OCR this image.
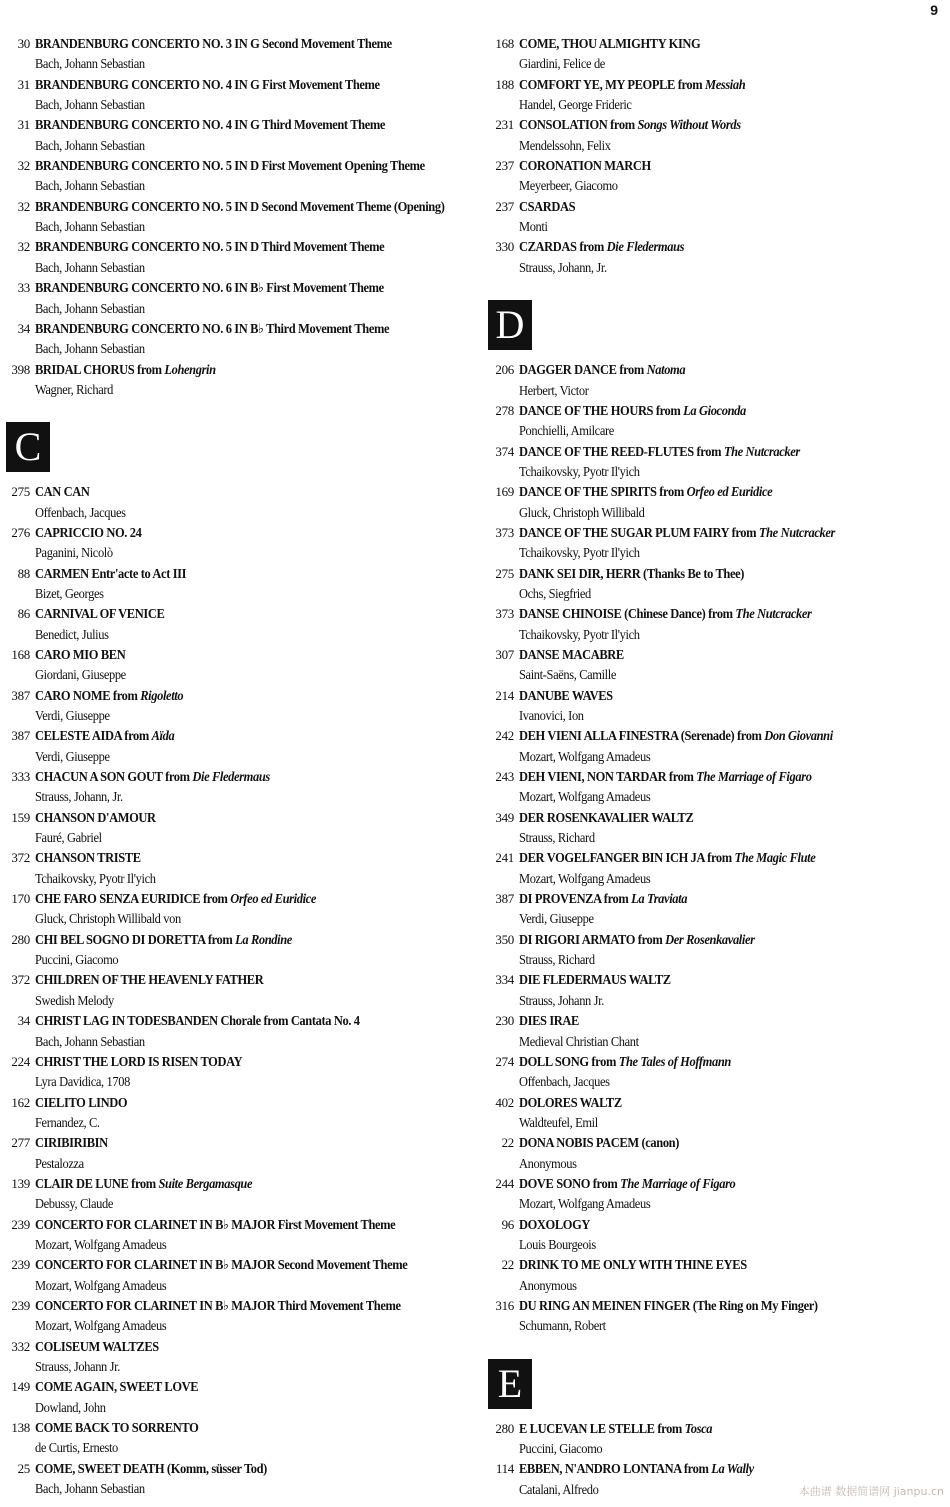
9
30 BRANDENBURG CONCERTO NO. 3 IN G Second Movement Theme
Bach, Johann Sebastian
31 BRANDENBURG CONCERTO NO. 4 IN G First Movement Theme
Bach, Johann Sebastian
31 BRANDENBURG CONCERTO NO. 4 IN G Third Movement Theme
Bach, Johann Sebastian
32 BRANDENBURG CONCERTO NO. 5 IN D First Movement Opening Theme
Bach, Johann Sebastian
32 BRANDENBURG CONCERTO NO. 5 IN D Second Movement Theme (Opening)
Bach, Johann Sebastian
32 BRANDENBURG CONCERTO NO. 5 IN D Third Movement Theme
Bach, Johann Sebastian
33 BRANDENBURG CONCERTO NO. 6 IN B♭ First Movement Theme
Bach, Johann Sebastian
34 BRANDENBURG CONCERTO NO. 6 IN B♭ Third Movement Theme
Bach, Johann Sebastian
398 BRIDAL CHORUS from Lohengrin
Wagner, Richard
C
275 CAN CAN
Offenbach, Jacques
276 CAPRICCIO NO. 24
Paganini, Nicolò
88 CARMEN Entr'acte to Act III
Bizet, Georges
86 CARNIVAL OF VENICE
Benedict, Julius
168 CARO MIO BEN
Giordani, Giuseppe
387 CARO NOME from Rigoletto
Verdi, Giuseppe
387 CELESTE AIDA from Aïda
Verdi, Giuseppe
333 CHACUN A SON GOUT from Die Fledermaus
Strauss, Johann, Jr.
159 CHANSON D'AMOUR
Fauré, Gabriel
372 CHANSON TRISTE
Tchaikovsky, Pyotr Il'yich
170 CHE FARO SENZA EURIDICE from Orfeo ed Euridice
Gluck, Christoph Willibald von
280 CHI BEL SOGNO DI DORETTA from La Rondine
Puccini, Giacomo
372 CHILDREN OF THE HEAVENLY FATHER
Swedish Melody
34 CHRIST LAG IN TODESBANDEN Chorale from Cantata No. 4
Bach, Johann Sebastian
224 CHRIST THE LORD IS RISEN TODAY
Lyra Davidica, 1708
162 CIELITO LINDO
Fernandez, C.
277 CIRIBIRIBIN
Pestalozza
139 CLAIR DE LUNE from Suite Bergamasque
Debussy, Claude
239 CONCERTO FOR CLARINET IN B♭ MAJOR First Movement Theme
Mozart, Wolfgang Amadeus
239 CONCERTO FOR CLARINET IN B♭ MAJOR Second Movement Theme
Mozart, Wolfgang Amadeus
239 CONCERTO FOR CLARINET IN B♭ MAJOR Third Movement Theme
Mozart, Wolfgang Amadeus
332 COLISEUM WALTZES
Strauss, Johann Jr.
149 COME AGAIN, SWEET LOVE
Dowland, John
138 COME BACK TO SORRENTO
de Curtis, Ernesto
25 COME, SWEET DEATH (Komm, süsser Tod)
Bach, Johann Sebastian
168 COME, THOU ALMIGHTY KING
Giardini, Felice de
188 COMFORT YE, MY PEOPLE from Messiah
Handel, George Frideric
231 CONSOLATION from Songs Without Words
Mendelssohn, Felix
237 CORONATION MARCH
Meyerbeer, Giacomo
237 CSARDAS
Monti
330 CZARDAS from Die Fledermaus
Strauss, Johann, Jr.
D
206 DAGGER DANCE from Natoma
Herbert, Victor
278 DANCE OF THE HOURS from La Gioconda
Ponchielli, Amilcare
374 DANCE OF THE REED-FLUTES from The Nutcracker
Tchaikovsky, Pyotr Il'yich
169 DANCE OF THE SPIRITS from Orfeo ed Euridice
Gluck, Christoph Willibald
373 DANCE OF THE SUGAR PLUM FAIRY from The Nutcracker
Tchaikovsky, Pyotr Il'yich
275 DANK SEI DIR, HERR (Thanks Be to Thee)
Ochs, Siegfried
373 DANSE CHINOISE (Chinese Dance) from The Nutcracker
Tchaikovsky, Pyotr Il'yich
307 DANSE MACABRE
Saint-Saëns, Camille
214 DANUBE WAVES
Ivanovici, Ion
242 DEH VIENI ALLA FINESTRA (Serenade) from Don Giovanni
Mozart, Wolfgang Amadeus
243 DEH VIENI, NON TARDAR from The Marriage of Figaro
Mozart, Wolfgang Amadeus
349 DER ROSENKAVALIER WALTZ
Strauss, Richard
241 DER VOGELFANGER BIN ICH JA from The Magic Flute
Mozart, Wolfgang Amadeus
387 DI PROVENZA from La Traviata
Verdi, Giuseppe
350 DI RIGORI ARMATO from Der Rosenkavalier
Strauss, Richard
334 DIE FLEDERMAUS WALTZ
Strauss, Johann Jr.
230 DIES IRAE
Medieval Christian Chant
274 DOLL SONG from The Tales of Hoffmann
Offenbach, Jacques
402 DOLORES WALTZ
Waldteufel, Emil
22 DONA NOBIS PACEM (canon)
Anonymous
244 DOVE SONO from The Marriage of Figaro
Mozart, Wolfgang Amadeus
96 DOXOLOGY
Louis Bourgeois
22 DRINK TO ME ONLY WITH THINE EYES
Anonymous
316 DU RING AN MEINEN FINGER (The Ring on My Finger)
Schumann, Robert
E
280 E LUCEVAN LE STELLE from Tosca
Puccini, Giacomo
114 EBBEN, N'ANDRO LONTANA from La Wally
Catalani, Alfredo	本曲谱 数据简谱网 jianpu.cn
